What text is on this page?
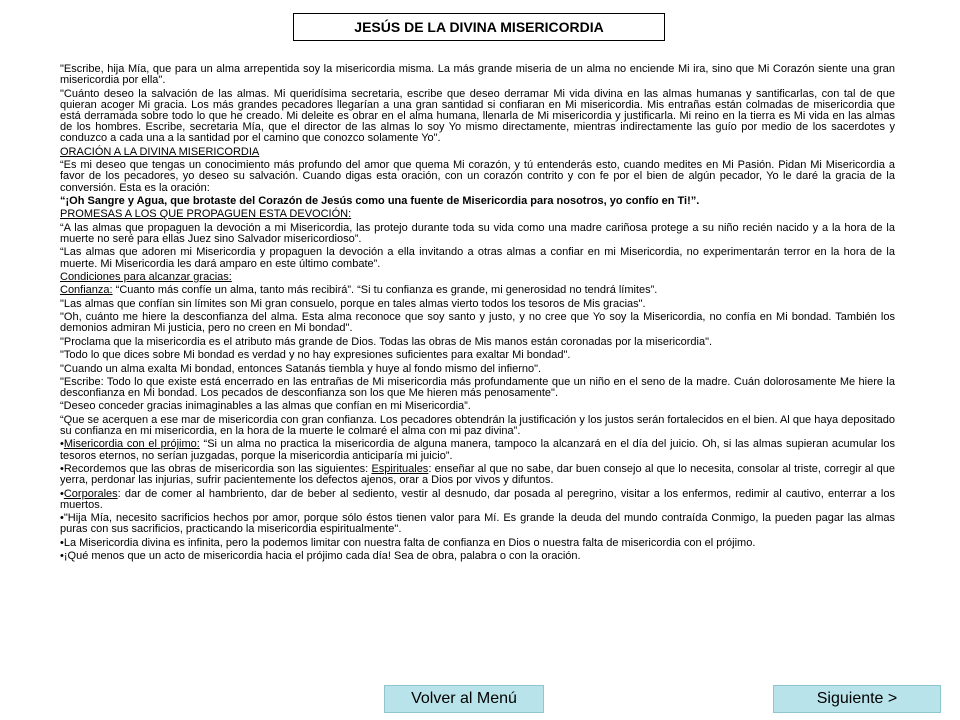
JESÚS DE LA DIVINA MISERICORDIA

"Escribe, hija Mía, que para un alma arrepentida soy la misericordia misma. La más grande miseria de un alma no enciende Mi ira, sino que Mi Corazón siente una gran misericordia por ella".

"Cuánto deseo la salvación de las almas. Mi queridísima secretaria, escribe que deseo derramar Mi vida divina en las almas humanas y santificarlas, con tal de que quieran acoger Mi gracia. Los más grandes pecadores llegarían a una gran santidad si confiaran en Mi misericordia. Mis entrañas están colmadas de misericordia que está derramada sobre todo lo que he creado. Mi deleite es obrar en el alma humana, llenarla de Mi misericordia y justificarla. Mi reino en la tierra es Mi vida en las almas de los hombres. Escribe, secretaria Mía, que el director de las almas lo soy Yo mismo directamente, mientras indirectamente las guío por medio de los sacerdotes y conduzco a cada una a la santidad por el camino que conozco solamente Yo".

ORACIÓN A LA DIVINA MISERICORDIA

“Es mi deseo que tengas un conocimiento más profundo del amor que quema Mi corazón, y tú entenderás esto, cuando medites en Mi Pasión. Pidan Mi Misericordia a favor de los pecadores, yo deseo su salvación. Cuando digas esta oración, con un corazón contrito y con fe por el bien de algún pecador, Yo le daré la gracia de la conversión. Esta es la oración:

“¡Oh Sangre y Agua, que brotaste del Corazón de Jesús como una fuente de Misericordia para nosotros, yo confío en Ti!”.

PROMESAS A LOS QUE PROPAGUEN ESTA DEVOCIÓN:

“A las almas que propaguen la devoción a mi Misericordia, las protejo durante toda su vida como una madre cariñosa protege a su niño recién nacido y a la hora de la muerte no seré para ellas Juez sino Salvador misericordioso”.

“Las almas que adoren mi Misericordia y propaguen la devoción a ella invitando a otras almas a confiar en mi Misericordia, no experimentarán terror en la hora de la muerte. Mi Misericordia les dará amparo en este último combate”.

Condiciones para alcanzar gracias:

Confianza: “Cuanto más confíe un alma, tanto más recibirá”. “Si tu confianza es grande, mi generosidad no tendrá límites”.

"Las almas que confían sin límites son Mi gran consuelo, porque en tales almas vierto todos los tesoros de Mis gracias".

"Oh, cuánto me hiere la desconfianza del alma. Esta alma reconoce que soy santo y justo, y no cree que Yo soy la Misericordia, no confía en Mi bondad. También los demonios admiran Mi justicia, pero no creen en Mi bondad".

"Proclama que la misericordia es el atributo más grande de Dios. Todas las obras de Mis manos están coronadas por la misericordia".

"Todo lo que dices sobre Mi bondad es verdad y no hay expresiones suficientes para exaltar Mi bondad".

"Cuando un alma exalta Mi bondad, entonces Satanás tiembla y huye al fondo mismo del infierno".

"Escribe: Todo lo que existe está encerrado en las entrañas de Mi misericordia más profundamente que un niño en el seno de la madre. Cuán dolorosamente Me hiere la desconfianza en Mi bondad. Los pecados de desconfianza son los que Me hieren más penosamente".

“Deseo conceder gracias inimaginables a las almas que confían en mi Misericordia”.

“Que se acerquen a ese mar de misericordia con gran confianza. Los pecadores obtendrán la justificación y los justos serán fortalecidos en el bien. Al que haya depositado su confianza en mi misericordia, en la hora de la muerte le colmaré el alma con mi paz divina”.

•Misericordia con el prójimo: “Si un alma no practica la misericordia de alguna manera, tampoco la alcanzará en el día del juicio. Oh, si las almas supieran acumular los tesoros eternos, no serían juzgadas, porque la misericordia anticiparía mi juicio”.

•Recordemos que las obras de misericordia son las siguientes: Espirituales: enseñar al que no sabe, dar buen consejo al que lo necesita, consolar al triste, corregir al que yerra, perdonar las injurias, sufrir pacientemente los defectos ajenos, orar a Dios por vivos y difuntos.

•Corporales: dar de comer al hambriento, dar de beber al sediento, vestir al desnudo, dar posada al peregrino, visitar a los enfermos, redimir al cautivo, enterrar a los muertos.

•"Hija Mía, necesito sacrificios hechos por amor, porque sólo éstos tienen valor para Mí. Es grande la deuda del mundo contraída Conmigo, la pueden pagar las almas puras con sus sacrificios, practicando la misericordia espiritualmente".

•La Misericordia divina es infinita, pero la podemos limitar con nuestra falta de confianza en Dios o nuestra falta de misericordia con el prójimo.

•¡Qué menos que un acto de misericordia hacia el prójimo cada día! Sea de obra, palabra o con la oración.

Volver al Menú	Siguiente >
